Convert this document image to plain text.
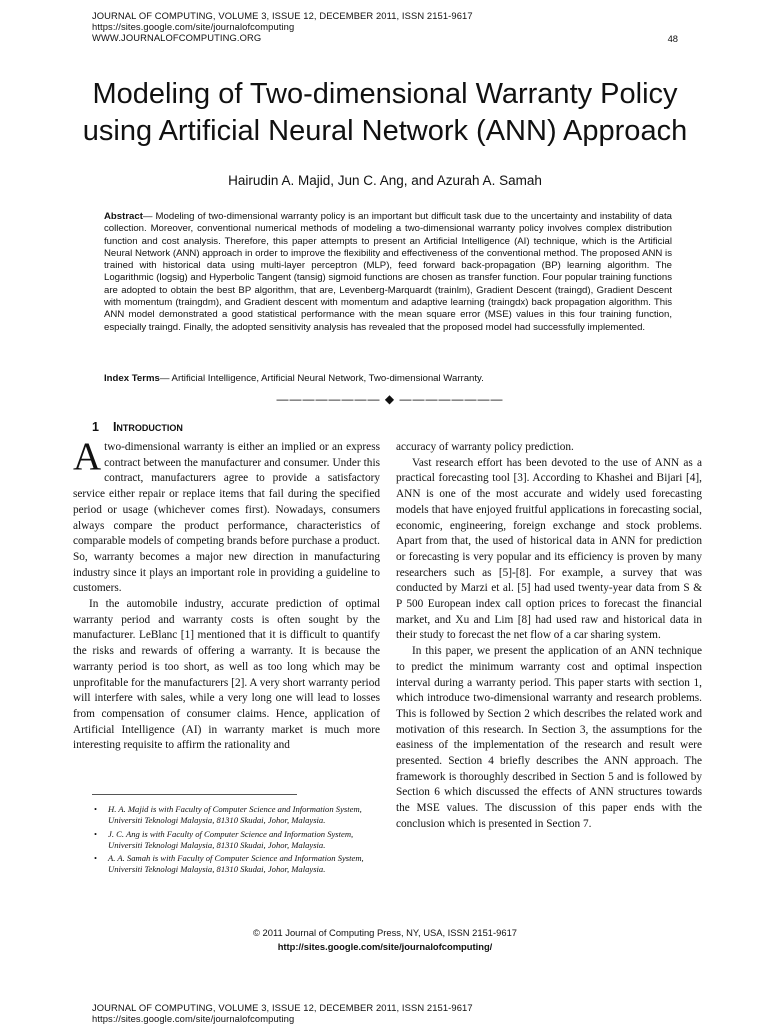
JOURNAL OF COMPUTING, VOLUME 3, ISSUE 12, DECEMBER 2011, ISSN 2151-9617
https://sites.google.com/site/journalofcomputing
WWW.JOURNALOFCOMPUTING.ORG	48
Modeling of Two-dimensional Warranty Policy
using Artificial Neural Network (ANN) Approach
Hairudin A. Majid, Jun C. Ang, and Azurah A. Samah
Abstract— Modeling of two-dimensional warranty policy is an important but difficult task due to the uncertainty and instability of data collection. Moreover, conventional numerical methods of modeling a two-dimensional warranty policy involves complex distribution function and cost analysis. Therefore, this paper attempts to present an Artificial Intelligence (AI) technique, which is the Artificial Neural Network (ANN) approach in order to improve the flexibility and effectiveness of the conventional method. The proposed ANN is trained with historical data using multi-layer perceptron (MLP), feed forward back-propagation (BP) learning algorithm. The Logarithmic (logsig) and Hyperbolic Tangent (tansig) sigmoid functions are chosen as transfer function. Four popular training functions are adopted to obtain the best BP algorithm, that are, Levenberg-Marquardt (trainlm), Gradient Descent (traingd), Gradient Descent with momentum (traingdm), and Gradient descent with momentum and adaptive learning (traingdx) back propagation algorithm. This ANN model demonstrated a good statistical performance with the mean square error (MSE) values in this four training function, especially traingd. Finally, the adopted sensitivity analysis has revealed that the proposed model had successfully implemented.
Index Terms— Artificial Intelligence, Artificial Neural Network, Two-dimensional Warranty.
———————— ◆ ————————
1 Introduction

Atwo-dimensional warranty is either an implied or an express contract between the manufacturer and consumer. Under this contract, manufacturers agree to provide a satisfactory service either repair or replace items that fail during the specified period or usage (whichever comes first). Nowadays, consumers always compare the product performance, characteristics of comparable models of competing brands before purchase a product. So, warranty becomes a major new direction in manufacturing industry since it plays an important role in providing a guideline to customers.

In the automobile industry, accurate prediction of optimal warranty period and warranty costs is often sought by the manufacturer. LeBlanc [1] mentioned that it is difficult to quantify the risks and rewards of offering a warranty. It is because the warranty period is too short, as well as too long which may be unprofitable for the manufacturers [2]. A very short warranty period will interfere with sales, while a very long one will lead to losses from compensation of consumer claims. Hence, application of Artificial Intelligence (AI) in warranty market is much more interesting requisite to affirm the rationality and

accuracy of warranty policy prediction.

Vast research effort has been devoted to the use of ANN as a practical forecasting tool [3]. According to Khashei and Bijari [4], ANN is one of the most accurate and widely used forecasting models that have enjoyed fruitful applications in forecasting social, economic, engineering, foreign exchange and stock problems. Apart from that, the used of historical data in ANN for prediction or forecasting is very popular and its efficiency is proven by many researchers such as [5]-[8]. For example, a survey that was conducted by Marzi et al. [5] had used twenty-year data from S & P 500 European index call option prices to forecast the financial market, and Xu and Lim [8] had used raw and historical data in their study to forecast the net flow of a car sharing system.

In this paper, we present the application of an ANN technique to predict the minimum warranty cost and optimal inspection interval during a warranty period. This paper starts with section 1, which introduce two-dimensional warranty and research problems. This is followed by Section 2 which describes the related work and motivation of this research. In Section 3, the assumptions for the easiness of the implementation of the research and result were presented. Section 4 briefly describes the ANN approach. The framework is thoroughly described in Section 5 and is followed by Section 6 which discussed the effects of ANN structures towards the MSE values. The discussion of this paper ends with the conclusion which is presented in Section 7.

• H. A. Majid is with Faculty of Computer Science and Information System, Universiti Teknologi Malaysia, 81310 Skudai, Johor, Malaysia.
• J. C. Ang is with Faculty of Computer Science and Information System, Universiti Teknologi Malaysia, 81310 Skudai, Johor, Malaysia.
• A. A. Samah is with Faculty of Computer Science and Information System, Universiti Teknologi Malaysia, 81310 Skudai, Johor, Malaysia.
© 2011 Journal of Computing Press, NY, USA, ISSN 2151-9617
http://sites.google.com/site/journalofcomputing/
JOURNAL OF COMPUTING, VOLUME 3, ISSUE 12, DECEMBER 2011, ISSN 2151-9617
https://sites.google.com/site/journalofcomputing
